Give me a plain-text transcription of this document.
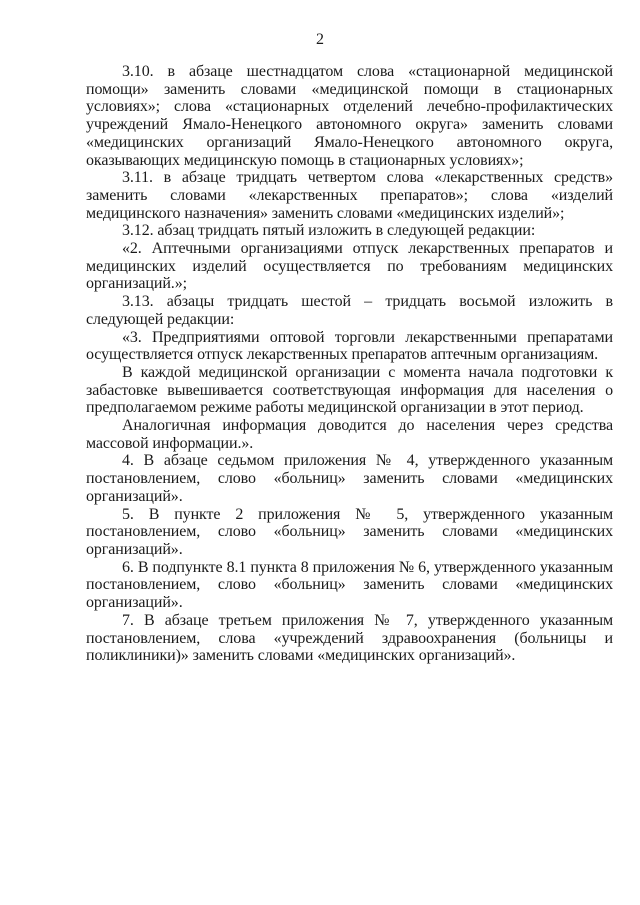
2

3.10. в абзаце шестнадцатом слова «стационарной медицинской помощи» заменить словами «медицинской помощи в стационарных условиях»; слова «стационарных отделений лечебно-профилактических учреждений Ямало-Ненецкого автономного округа» заменить словами «медицинских организаций Ямало-Ненецкого автономного округа, оказывающих медицинскую помощь в стационарных условиях»;

3.11. в абзаце тридцать четвертом слова «лекарственных средств» заменить словами «лекарственных препаратов»; слова «изделий медицинского назначения» заменить словами «медицинских изделий»;

3.12. абзац тридцать пятый изложить в следующей редакции:

«2. Аптечными организациями отпуск лекарственных препаратов и медицинских изделий осуществляется по требованиям медицинских организаций.»;

3.13. абзацы тридцать шестой – тридцать восьмой изложить в следующей редакции:

«3. Предприятиями оптовой торговли лекарственными препаратами осуществляется отпуск лекарственных препаратов аптечным организациям.

В каждой медицинской организации с момента начала подготовки к забастовке вывешивается соответствующая информация для населения о предполагаемом режиме работы медицинской организации в этот период.

Аналогичная информация доводится до населения через средства массовой информации.».

4. В абзаце седьмом приложения № 4, утвержденного указанным постановлением, слово «больниц» заменить словами «медицинских организаций».

5. В пункте 2 приложения № 5, утвержденного указанным постановлением, слово «больниц» заменить словами «медицинских организаций».

6. В подпункте 8.1 пункта 8 приложения № 6, утвержденного указанным постановлением, слово «больниц» заменить словами «медицинских организаций».

7. В абзаце третьем приложения № 7, утвержденного указанным постановлением, слова «учреждений здравоохранения (больницы и поликлиники)» заменить словами «медицинских организаций».
